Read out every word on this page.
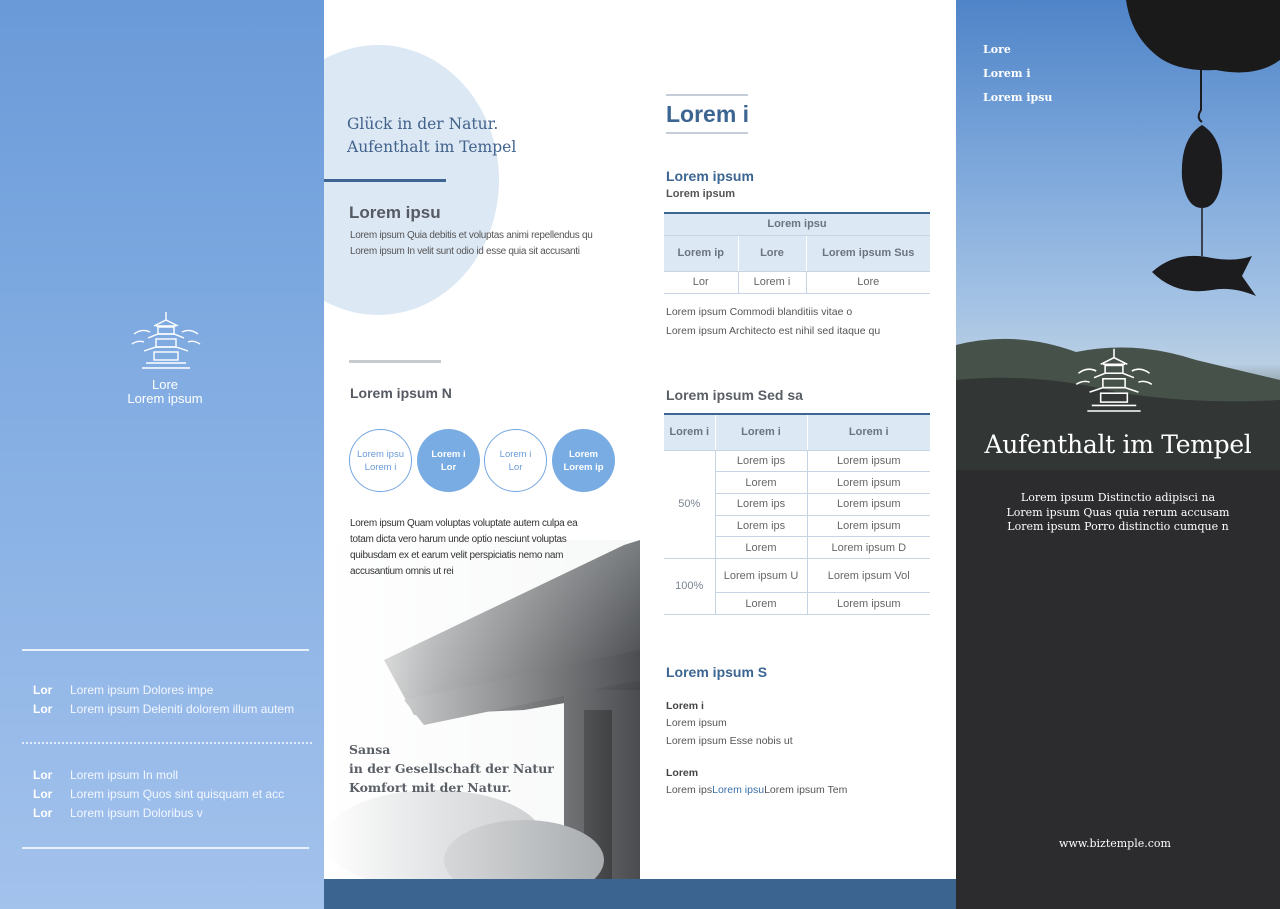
Lore
Lorem ipsum
Lor	Lorem ipsum Dolores impe
Lor	Lorem ipsum Deleniti dolorem illum autem
Lor	Lorem ipsum In moll
Lor	Lorem ipsum Quos sint quisquam et acc
Lor	Lorem ipsum Doloribus v
Glück in der Natur.
Aufenthalt im Tempel
Lorem ipsu
Lorem ipsum Quia debitis et voluptas animi repellendus qu Lorem ipsum In velit sunt odio id esse quia sit accusanti
Lorem ipsum N
Lorem ipsu
Lorem i
Lorem i
Lor
Lorem i
Lor
Lorem
Lorem ip
Lorem ipsum Quam voluptas voluptate autem culpa ea totam dicta vero harum unde optio nesciunt voluptas quibusdam ex et earum velit perspiciatis nemo nam accusantium omnis ut rei
Sansa
in der Gesellschaft der Natur
Komfort mit der Natur.
Lorem i
Lorem ipsum
Lorem ipsum
Lorem ipsu		
Lorem ip	Lore	Lorem ipsum Sus
Lor	Lorem i	Lore
Lorem ipsum Commodi blanditiis vitae o
Lorem ipsum Architecto est nihil sed itaque qu
Lorem ipsum Sed sa
Lorem i	Lorem i	Lorem i
50%	Lorem ips	Lorem ipsum
	Lorem	Lorem ipsum
	Lorem ips	Lorem ipsum
	Lorem ips	Lorem ipsum
	Lorem	Lorem ipsum D
100%	Lorem ipsum U	Lorem ipsum Vol
	Lorem	Lorem ipsum
Lorem ipsum S
Lorem i
Lorem ipsum
Lorem ipsum Esse nobis ut
Lorem
Lorem ipsLorem ipsuLorem ipsum Tem
Lore
Lorem i
Lorem ipsu
Aufenthalt im Tempel
Lorem ipsum Distinctio adipisci na
Lorem ipsum Quas quia rerum accusam
Lorem ipsum Porro distinctio cumque n
www.biztemple.com
